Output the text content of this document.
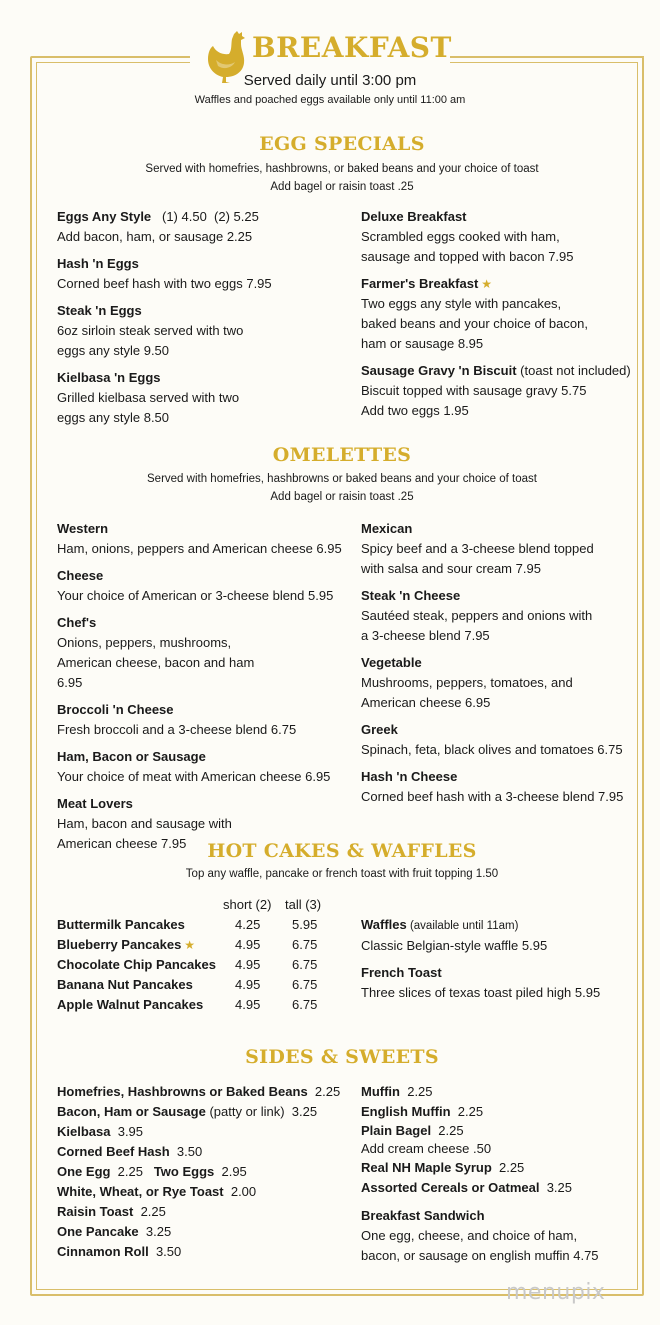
BREAKFAST
Served daily until 3:00 pm
Waffles and poached eggs available only until 11:00 am
EGG SPECIALS
Served with homefries, hashbrowns, or baked beans and your choice of toast
Add bagel or raisin toast .25
Eggs Any Style   (1) 4.50  (2) 5.25
Add bacon, ham, or sausage 2.25
Hash 'n Eggs
Corned beef hash with two eggs 7.95
Steak 'n Eggs
6oz sirloin steak served with two eggs any style 9.50
Kielbasa 'n Eggs
Grilled kielbasa served with two eggs any style 8.50
Deluxe Breakfast
Scrambled eggs cooked with ham, sausage and topped with bacon 7.95
Farmer's Breakfast ★
Two eggs any style with pancakes, baked beans and your choice of bacon, ham or sausage 8.95
Sausage Gravy 'n Biscuit (toast not included)
Biscuit topped with sausage gravy 5.75
Add two eggs 1.95
OMELETTES
Served with homefries, hashbrowns or baked beans and your choice of toast
Add bagel or raisin toast .25
Western
Ham, onions, peppers and American cheese 6.95
Cheese
Your choice of American or 3-cheese blend 5.95
Chef's
Onions, peppers, mushrooms, American cheese, bacon and ham 6.95
Broccoli 'n Cheese
Fresh broccoli and a 3-cheese blend 6.75
Ham, Bacon or Sausage
Your choice of meat with American cheese 6.95
Meat Lovers
Ham, bacon and sausage with American cheese 7.95
Mexican
Spicy beef and a 3-cheese blend topped with salsa and sour cream 7.95
Steak 'n Cheese
Sautéed steak, peppers and onions with a 3-cheese blend 7.95
Vegetable
Mushrooms, peppers, tomatoes, and American cheese 6.95
Greek
Spinach, feta, black olives and tomatoes 6.75
Hash 'n Cheese
Corned beef hash with a 3-cheese blend 7.95
HOT CAKES & WAFFLES
Top any waffle, pancake or french toast with fruit topping 1.50
short (2) tall (3)
Buttermilk Pancakes	4.25 5.95
Blueberry Pancakes ★	4.95 6.75
Chocolate Chip Pancakes 4.95 6.75
Banana Nut Pancakes	4.95 6.75
Apple Walnut Pancakes 4.95 6.75
Waffles (available until 11am)
Classic Belgian-style waffle 5.95
French Toast
Three slices of texas toast piled high 5.95
SIDES & SWEETS
Homefries, Hashbrowns or Baked Beans  2.25
Bacon, Ham or Sausage (patty or link)  3.25
Kielbasa  3.95
Corned Beef Hash  3.50
One Egg  2.25   Two Eggs  2.95
White, Wheat, or Rye Toast  2.00
Raisin Toast  2.25
One Pancake  3.25
Cinnamon Roll  3.50
Muffin  2.25
English Muffin  2.25
Plain Bagel  2.25
Add cream cheese .50
Real NH Maple Syrup  2.25
Assorted Cereals or Oatmeal  3.25
Breakfast Sandwich
One egg, cheese, and choice of ham, bacon, or sausage on english muffin 4.75
menupix
